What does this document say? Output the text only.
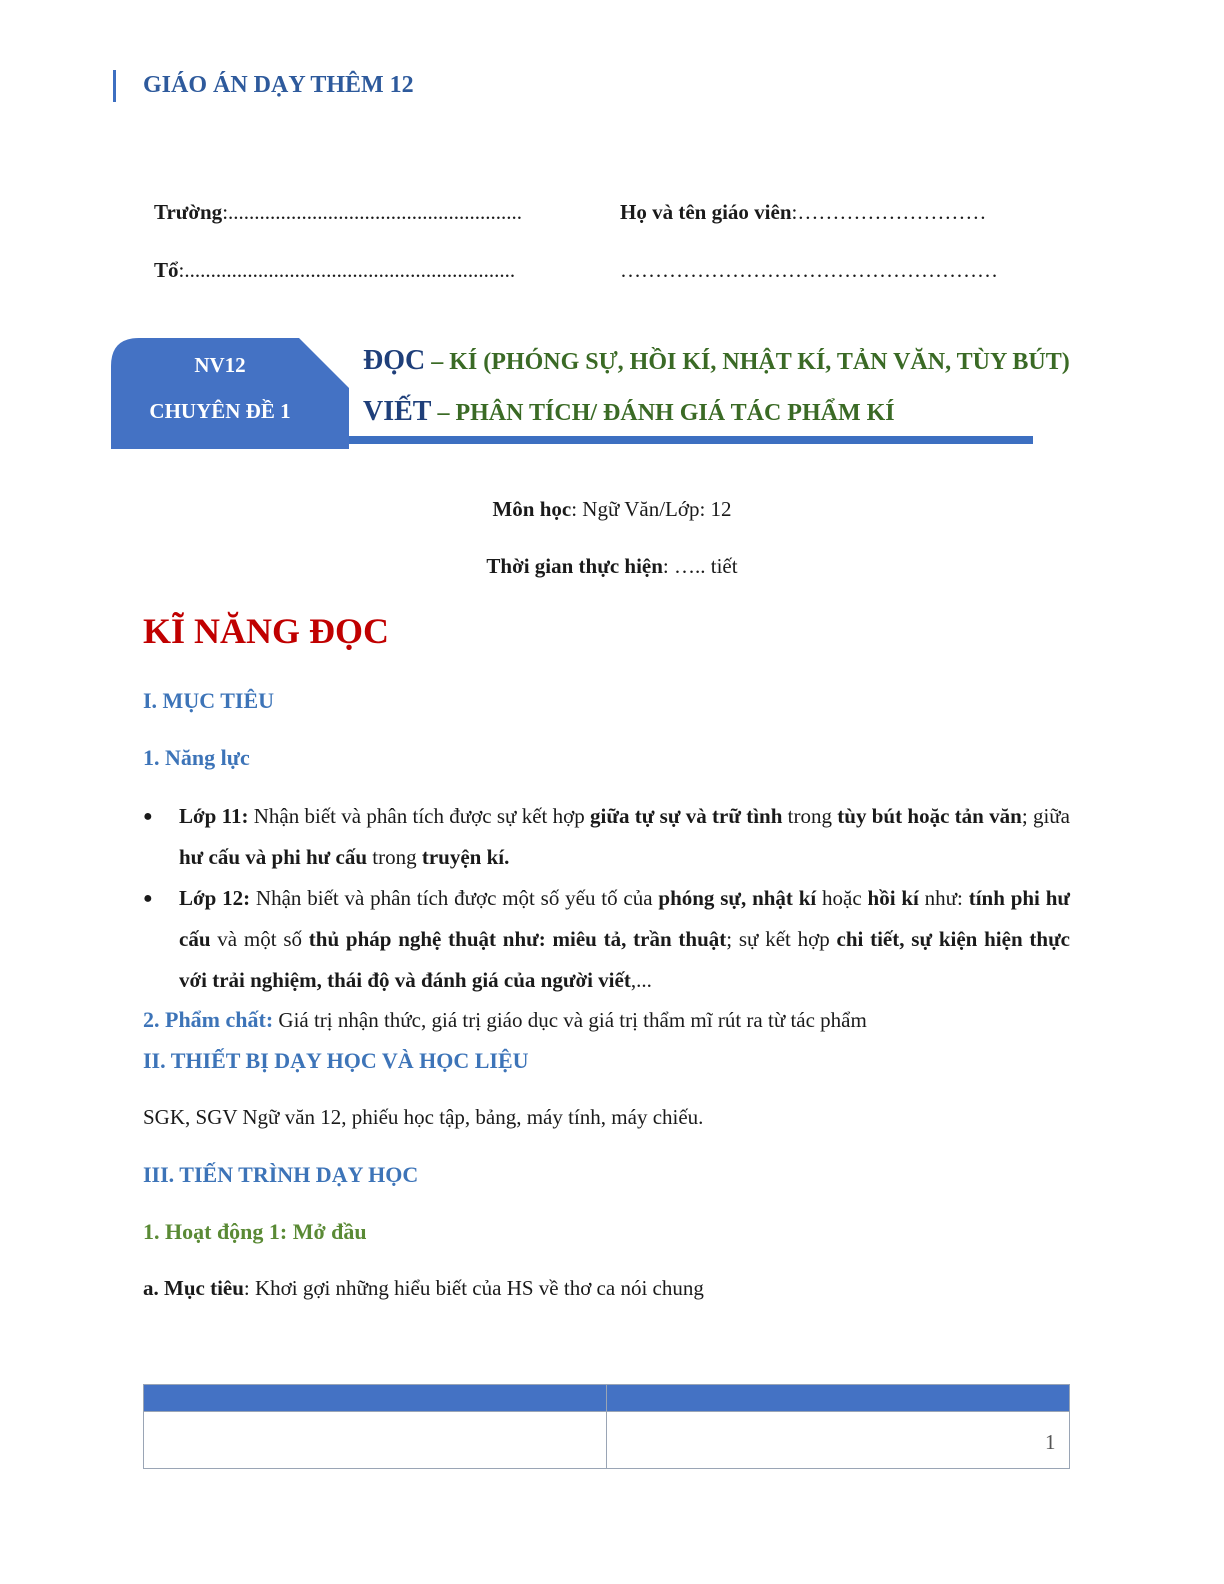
GIÁO ÁN DẠY THÊM 12
Trường:........................................................	Họ và tên giáo viên:………………………
Tổ:...............................................................	………………………………………………
NV12
CHUYÊN ĐỀ 1
ĐỌC – KÍ (PHÓNG SỰ, HỒI KÍ, NHẬT KÍ, TẢN VĂN, TÙY BÚT)
VIẾT – PHÂN TÍCH/ ĐÁNH GIÁ TÁC PHẨM KÍ
Môn học: Ngữ Văn/Lớp: 12
Thời gian thực hiện: ….. tiết
KĨ NĂNG ĐỌC
I. MỤC TIÊU
1. Năng lực
● Lớp 11: Nhận biết và phân tích được sự kết hợp giữa tự sự và trữ tình trong tùy bút hoặc tản văn; giữa hư cấu và phi hư cấu trong truyện kí.
● Lớp 12: Nhận biết và phân tích được một số yếu tố của phóng sự, nhật kí hoặc hồi kí như: tính phi hư cấu và một số thủ pháp nghệ thuật như: miêu tả, trần thuật; sự kết hợp chi tiết, sự kiện hiện thực với trải nghiệm, thái độ và đánh giá của người viết,...
2. Phẩm chất: Giá trị nhận thức, giá trị giáo dục và giá trị thẩm mĩ rút ra từ tác phẩm
II. THIẾT BỊ DẠY HỌC VÀ HỌC LIỆU
SGK, SGV Ngữ văn 12, phiếu học tập, bảng, máy tính, máy chiếu.
III. TIẾN TRÌNH DẠY HỌC
1. Hoạt động 1: Mở đầu
a. Mục tiêu: Khơi gợi những hiểu biết của HS về thơ ca nói chung

1
